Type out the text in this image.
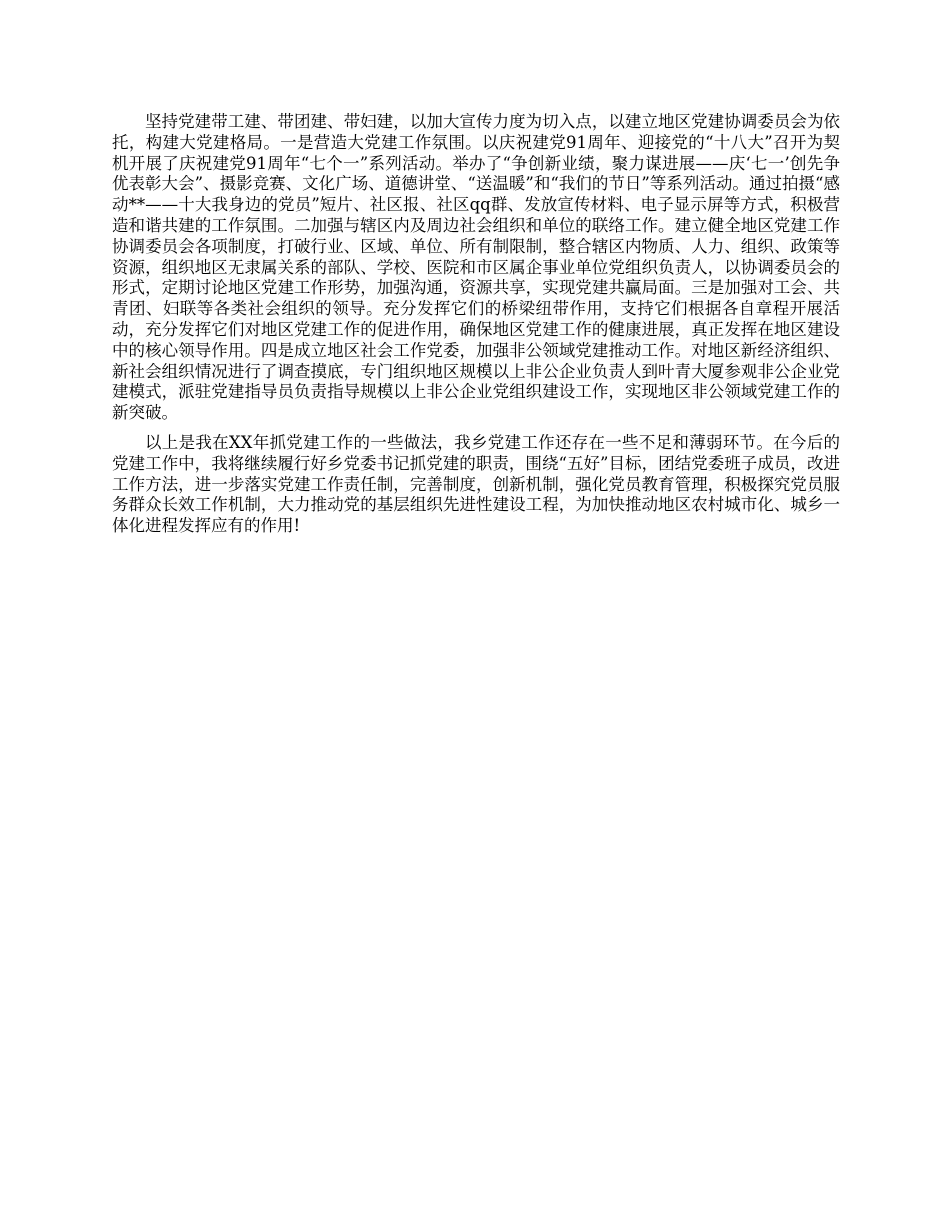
坚持党建带工建、带团建、带妇建，以加大宣传力度为切入点，以建立地区党建协调委员会为依托，构建大党建格局。一是营造大党建工作氛围。以庆祝建党91周年、迎接党的“十八大”召开为契机开展了庆祝建党91周年“七个一”系列活动。举办了“争创新业绩，聚力谋进展——庆‘七一’创先争优表彰大会”、摄影竞赛、文化广场、道德讲堂、“送温暖”和“我们的节日”等系列活动。通过拍摄“感动**——十大我身边的党员”短片、社区报、社区qq群、发放宣传材料、电子显示屏等方式，积极营造和谐共建的工作氛围。二加强与辖区内及周边社会组织和单位的联络工作。建立健全地区党建工作协调委员会各项制度，打破行业、区域、单位、所有制限制，整合辖区内物质、人力、组织、政策等资源，组织地区无隶属关系的部队、学校、医院和市区属企事业单位党组织负责人，以协调委员会的形式，定期讨论地区党建工作形势，加强沟通，资源共享，实现党建共赢局面。三是加强对工会、共青团、妇联等各类社会组织的领导。充分发挥它们的桥梁纽带作用，支持它们根据各自章程开展活动，充分发挥它们对地区党建工作的促进作用，确保地区党建工作的健康进展，真正发挥在地区建设中的核心领导作用。四是成立地区社会工作党委，加强非公领域党建推动工作。对地区新经济组织、新社会组织情况进行了调查摸底，专门组织地区规模以上非公企业负责人到叶青大厦参观非公企业党建模式，派驻党建指导员负责指导规模以上非公企业党组织建设工作，实现地区非公领域党建工作的新突破。

以上是我在XX年抓党建工作的一些做法，我乡党建工作还存在一些不足和薄弱环节。在今后的党建工作中，我将继续履行好乡党委书记抓党建的职责，围绕“五好”目标，团结党委班子成员，改进工作方法，进一步落实党建工作责任制，完善制度，创新机制，强化党员教育管理，积极探究党员服务群众长效工作机制，大力推动党的基层组织先进性建设工程，为加快推动地区农村城市化、城乡一体化进程发挥应有的作用!
